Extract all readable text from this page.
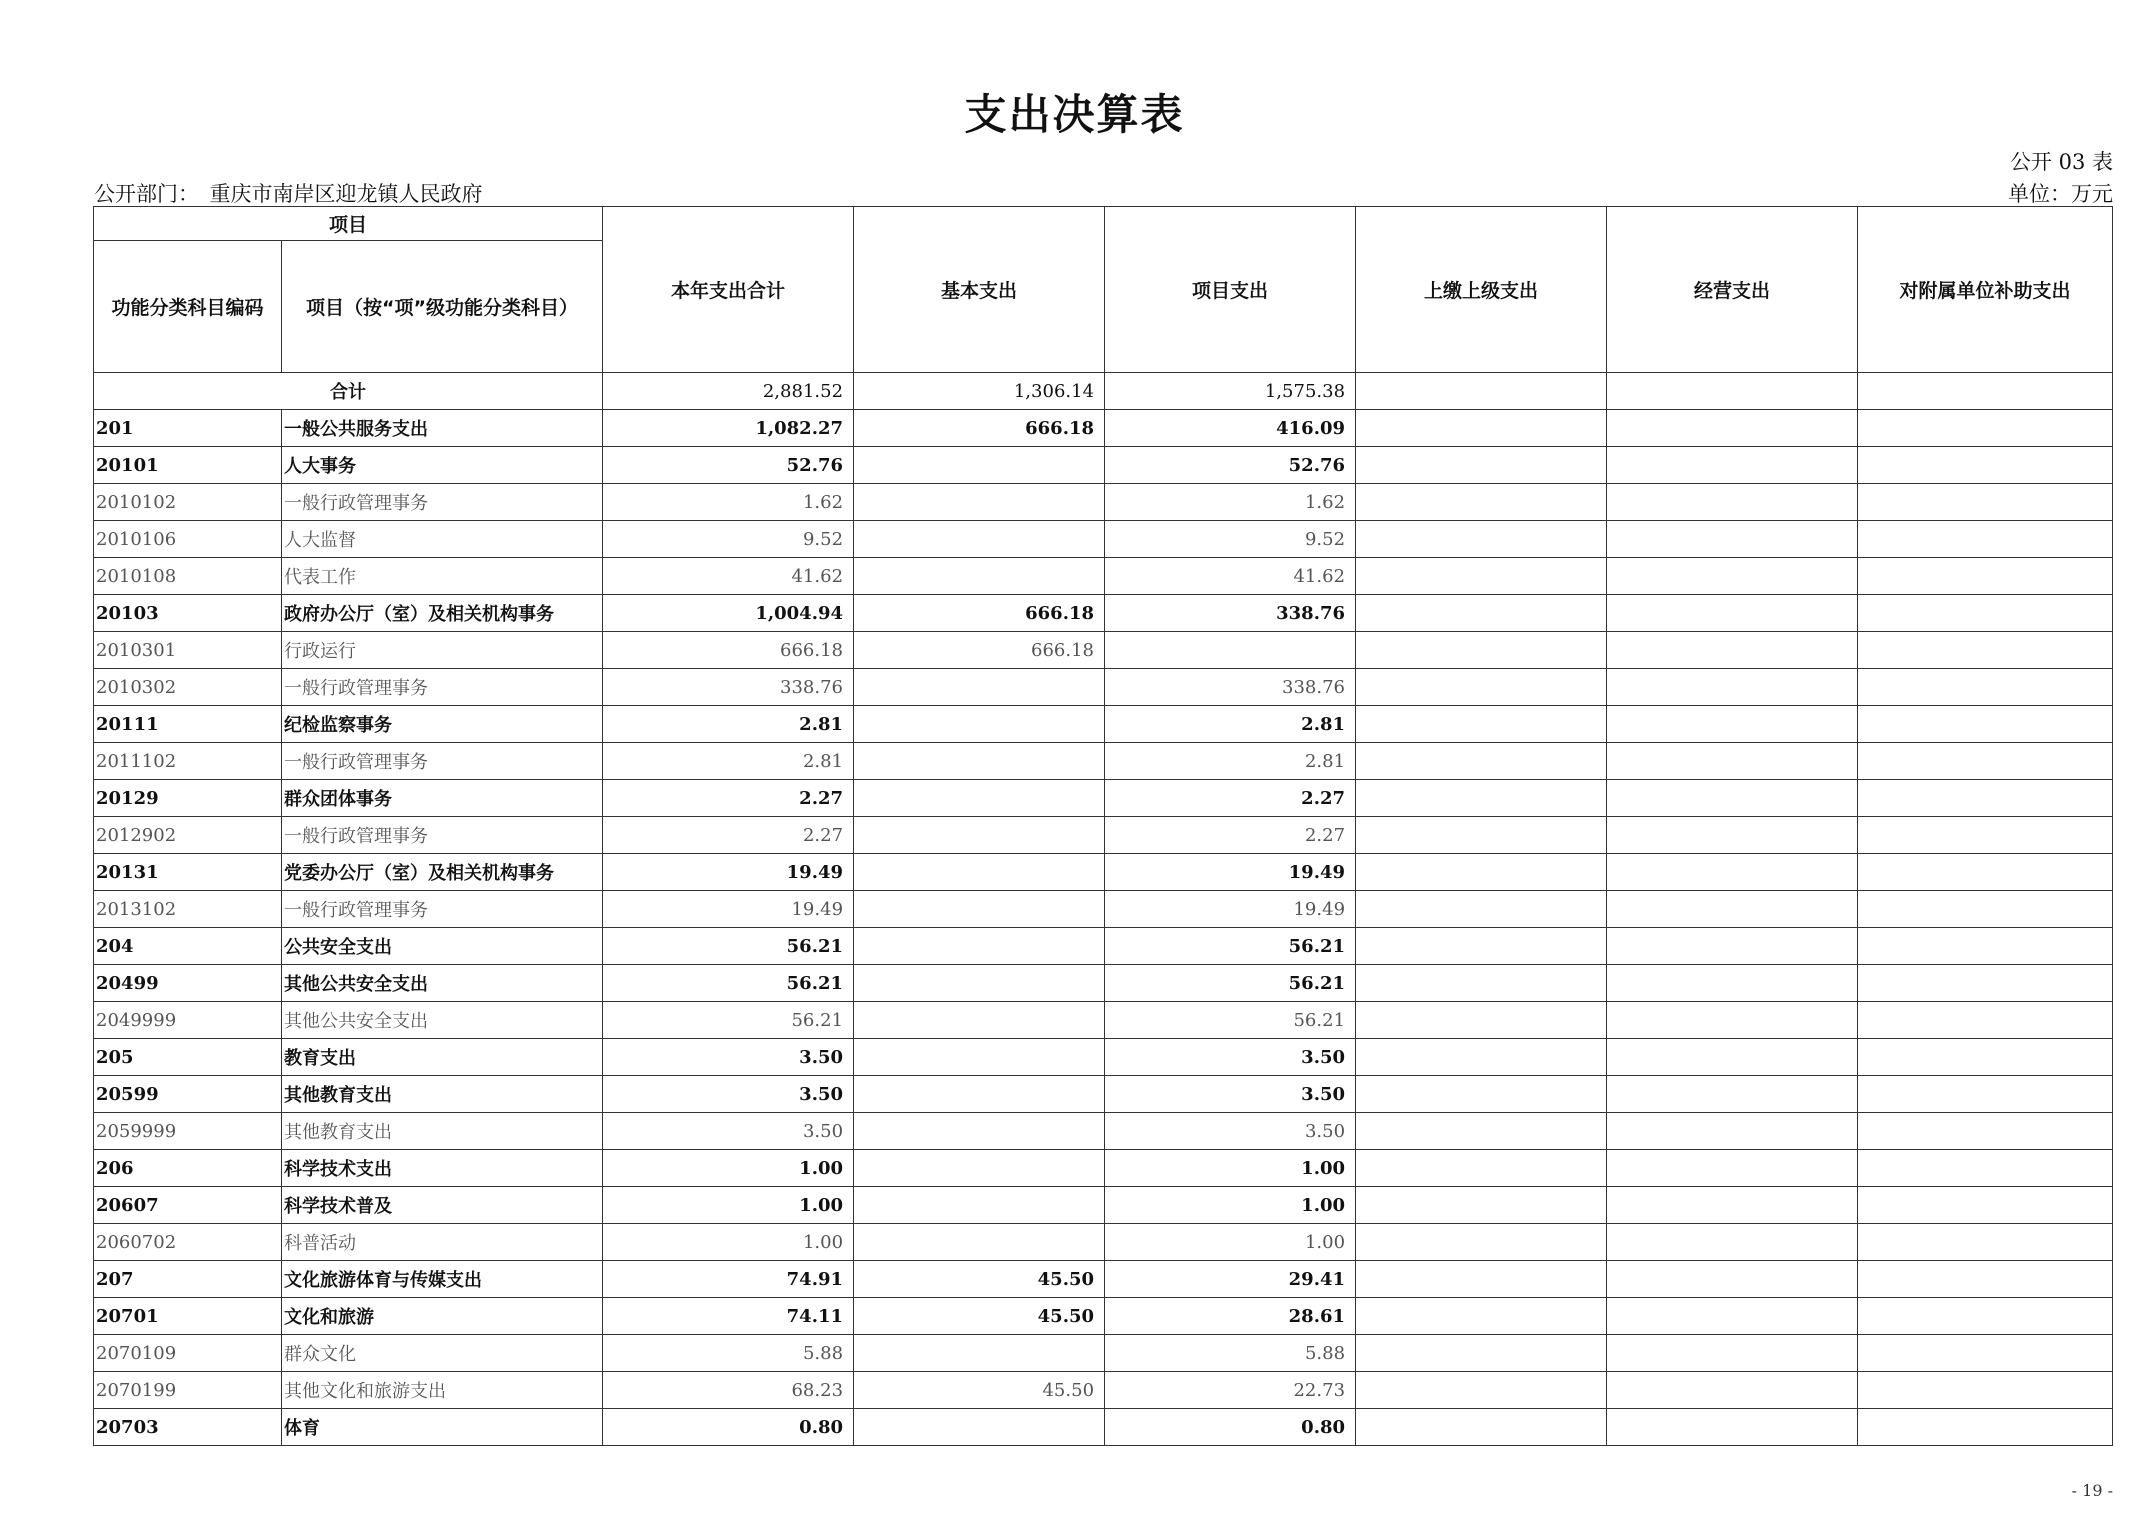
支出决算表
公开 03 表
公开部门：　重庆市南岸区迎龙镇人民政府	单位：万元
项目		本年支出合计	基本支出	项目支出	上缴上级支出	经营支出	对附属单位补助支出
功能分类科目编码	项目（按“项”级功能分类科目）						
合计		2,881.52	1,306.14	1,575.38			
201	一般公共服务支出	1,082.27	666.18	416.09			
20101	人大事务	52.76		52.76			
2010102	一般行政管理事务	1.62		1.62			
2010106	人大监督	9.52		9.52			
2010108	代表工作	41.62		41.62			
20103	政府办公厅（室）及相关机构事务	1,004.94	666.18	338.76			
2010301	行政运行	666.18	666.18				
2010302	一般行政管理事务	338.76		338.76			
20111	纪检监察事务	2.81		2.81			
2011102	一般行政管理事务	2.81		2.81			
20129	群众团体事务	2.27		2.27			
2012902	一般行政管理事务	2.27		2.27			
20131	党委办公厅（室）及相关机构事务	19.49		19.49			
2013102	一般行政管理事务	19.49		19.49			
204	公共安全支出	56.21		56.21			
20499	其他公共安全支出	56.21		56.21			
2049999	其他公共安全支出	56.21		56.21			
205	教育支出	3.50		3.50			
20599	其他教育支出	3.50		3.50			
2059999	其他教育支出	3.50		3.50			
206	科学技术支出	1.00		1.00			
20607	科学技术普及	1.00		1.00			
2060702	科普活动	1.00		1.00			
207	文化旅游体育与传媒支出	74.91	45.50	29.41			
20701	文化和旅游	74.11	45.50	28.61			
2070109	群众文化	5.88		5.88			
2070199	其他文化和旅游支出	68.23	45.50	22.73			
20703	体育	0.80		0.80			
- 19 -
